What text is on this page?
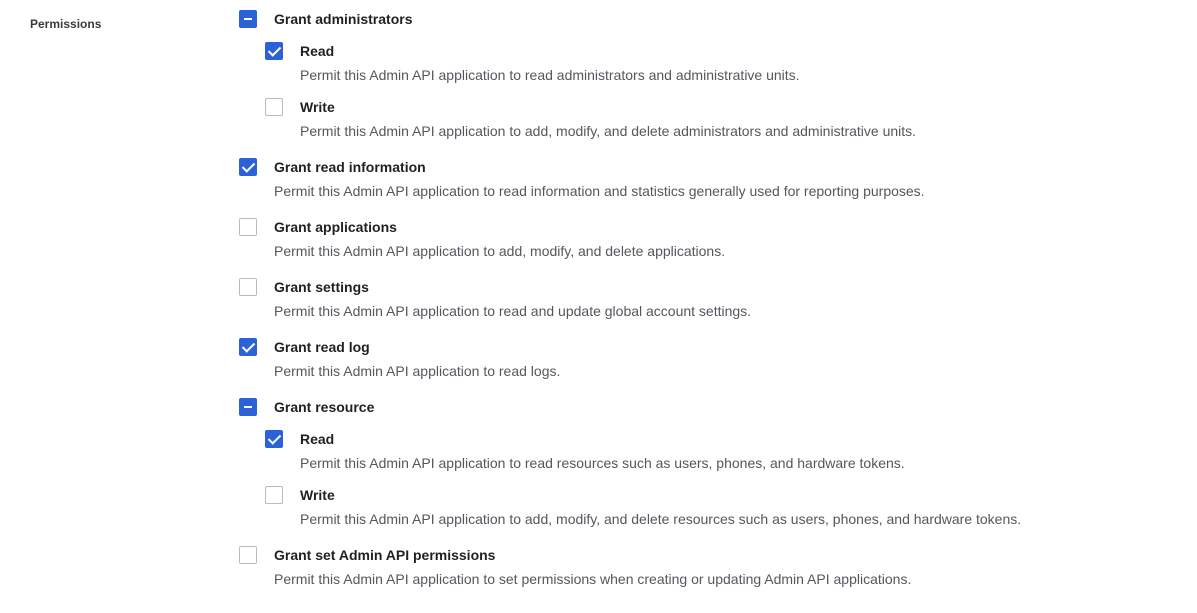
Permissions	Grant administrators
Read
Permit this Admin API application to read administrators and administrative units.
Write
Permit this Admin API application to add, modify, and delete administrators and administrative units.
Grant read information
Permit this Admin API application to read information and statistics generally used for reporting purposes.
Grant applications
Permit this Admin API application to add, modify, and delete applications.
Grant settings
Permit this Admin API application to read and update global account settings.
Grant read log
Permit this Admin API application to read logs.
Grant resource
Read
Permit this Admin API application to read resources such as users, phones, and hardware tokens.
Write
Permit this Admin API application to add, modify, and delete resources such as users, phones, and hardware tokens.
Grant set Admin API permissions
Permit this Admin API application to set permissions when creating or updating Admin API applications.
